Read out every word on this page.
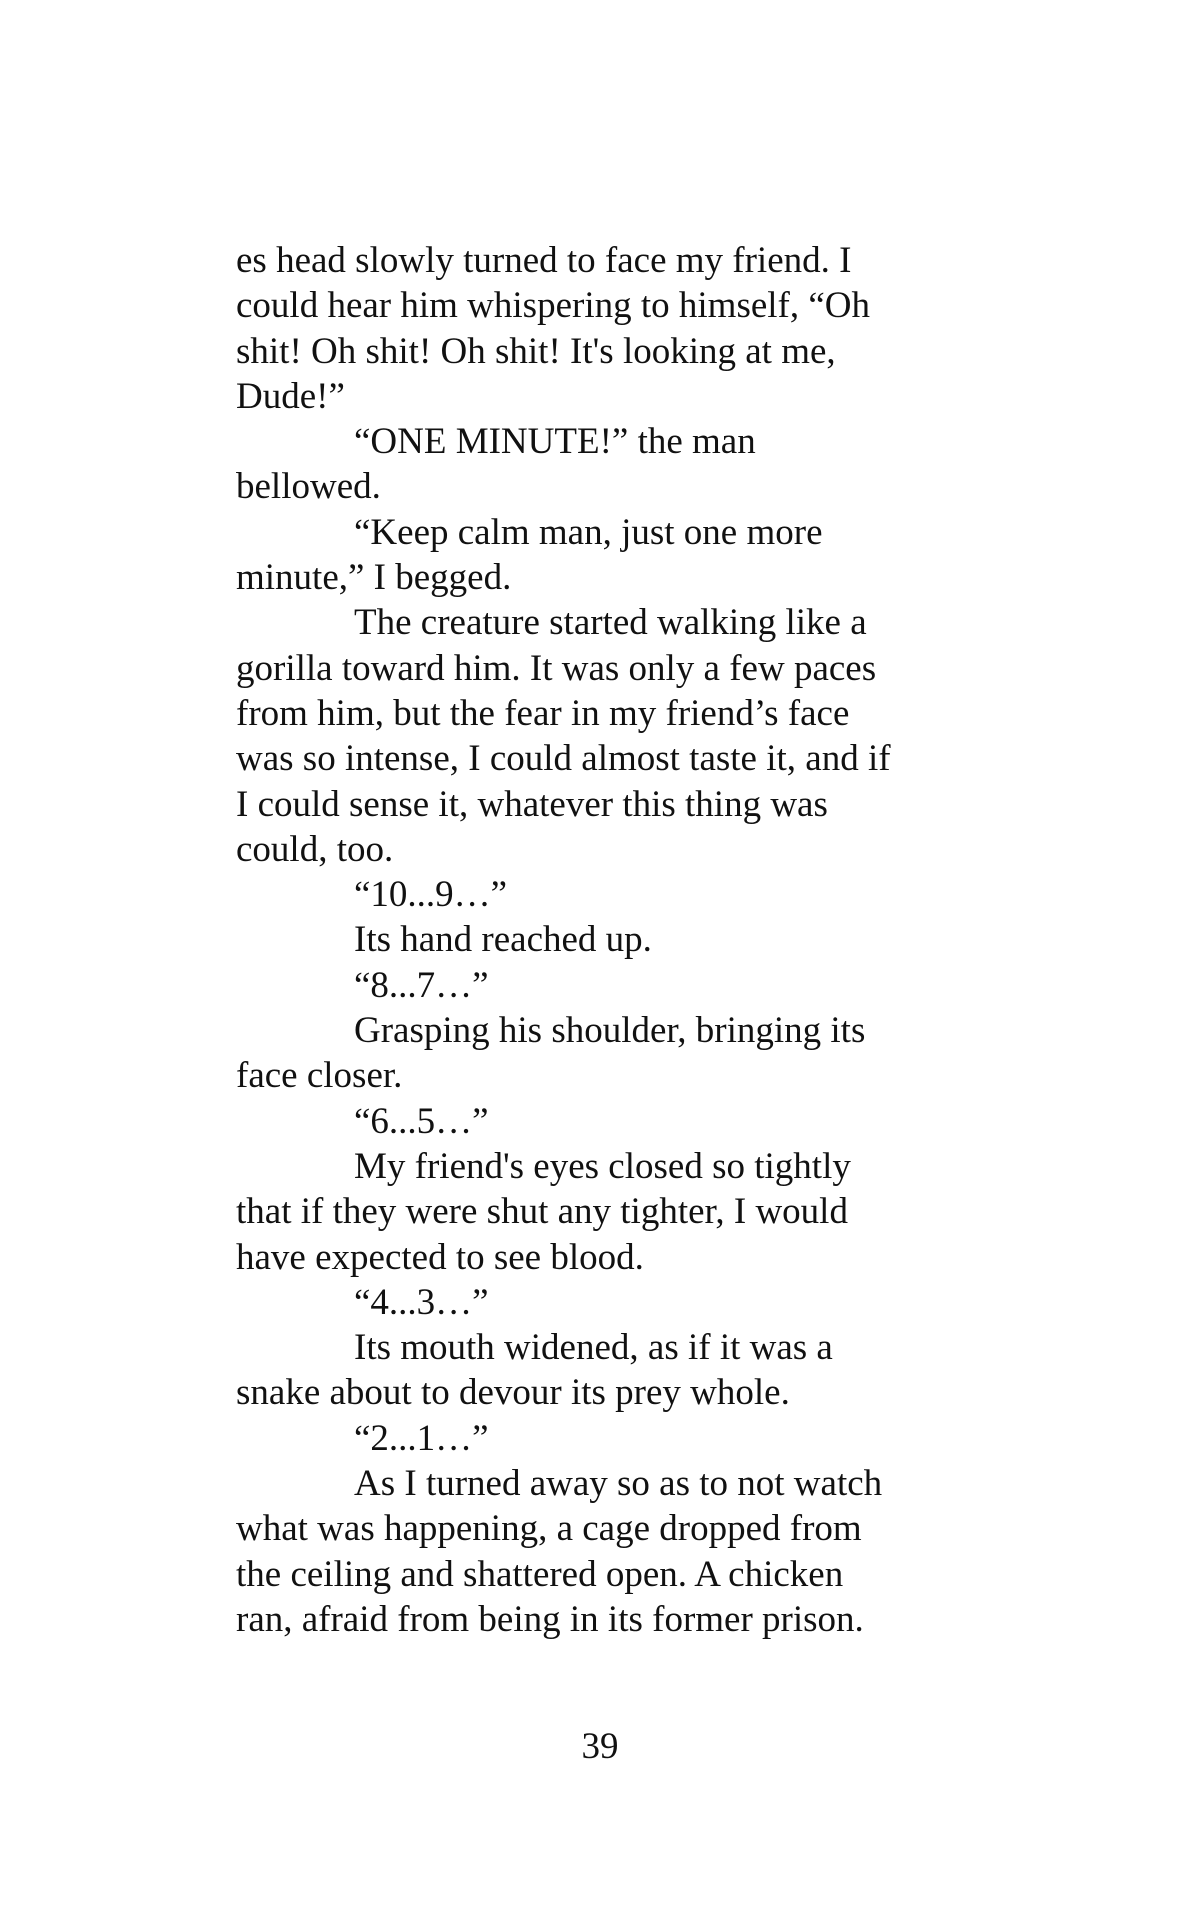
es head slowly turned to face my friend. I
could hear him whispering to himself, “Oh
shit! Oh shit! Oh shit! It's looking at me,
Dude!”
“ONE MINUTE!” the man
bellowed.
“Keep calm man, just one more
minute,” I begged.
The creature started walking like a
gorilla toward him. It was only a few paces
from him, but the fear in my friend’s face
was so intense, I could almost taste it, and if
I could sense it, whatever this thing was
could, too.
“10...9…”
Its hand reached up.
“8...7…”
Grasping his shoulder, bringing its
face closer.
“6...5…”
My friend's eyes closed so tightly
that if they were shut any tighter, I would
have expected to see blood.
“4...3…”
Its mouth widened, as if it was a
snake about to devour its prey whole.
“2...1…”
As I turned away so as to not watch
what was happening, a cage dropped from
the ceiling and shattered open. A chicken
ran, afraid from being in its former prison.
39
